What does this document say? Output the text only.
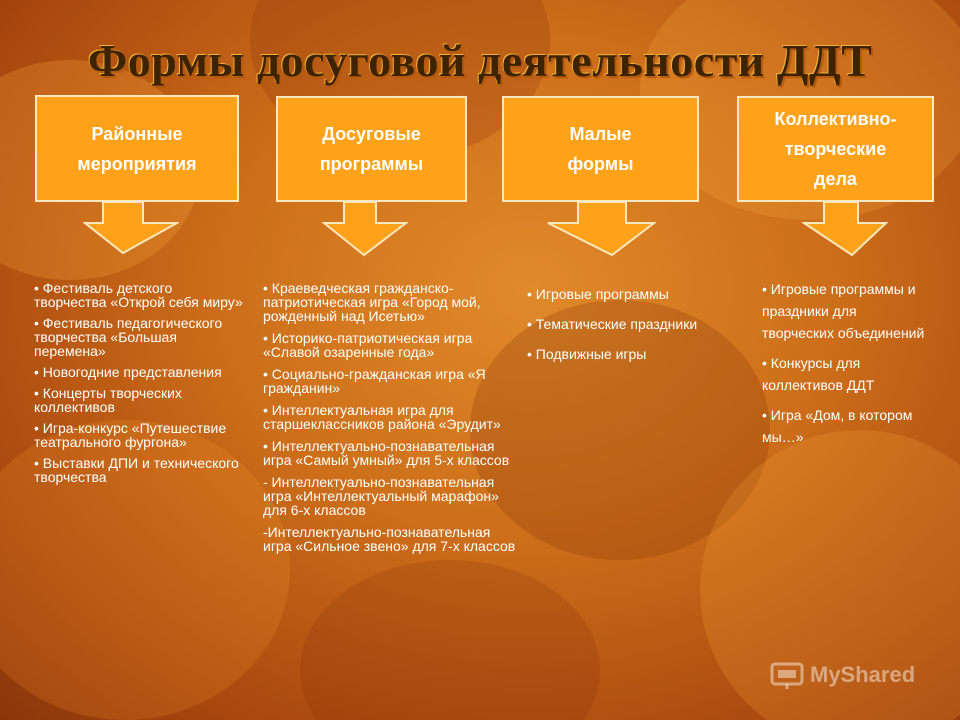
Формы досуговой деятельности ДДТ
Районные
мероприятия
Досуговые
программы
Малые
формы
Коллективно-
творческие
дела
• Фестиваль детского творчества «Открой себя миру»
• Фестиваль педагогического творчества «Большая перемена»
• Новогодние представления
• Концерты творческих коллективов
• Игра-конкурс «Путешествие театрального фургона»
• Выставки ДПИ и технического творчества
• Краеведческая гражданско-патриотическая игра «Город мой, рожденный над Исетью»
• Историко-патриотическая игра «Славой озаренные года»
• Социально-гражданская игра «Я гражданин»
• Интеллектуальная игра для старшеклассников района «Эрудит»
• Интеллектуально-познавательная игра «Самый умный» для 5-х классов
- Интеллектуально-познавательная игра «Интеллектуальный марафон» для 6-х классов
-Интеллектуально-познавательная игра «Сильное звено» для 7-х классов
• Игровые программы
• Тематические праздники
• Подвижные игры
• Игровые программы и праздники для творческих объединений
• Конкурсы для коллективов ДДТ
• Игра «Дом, в котором мы…»
MyShared
